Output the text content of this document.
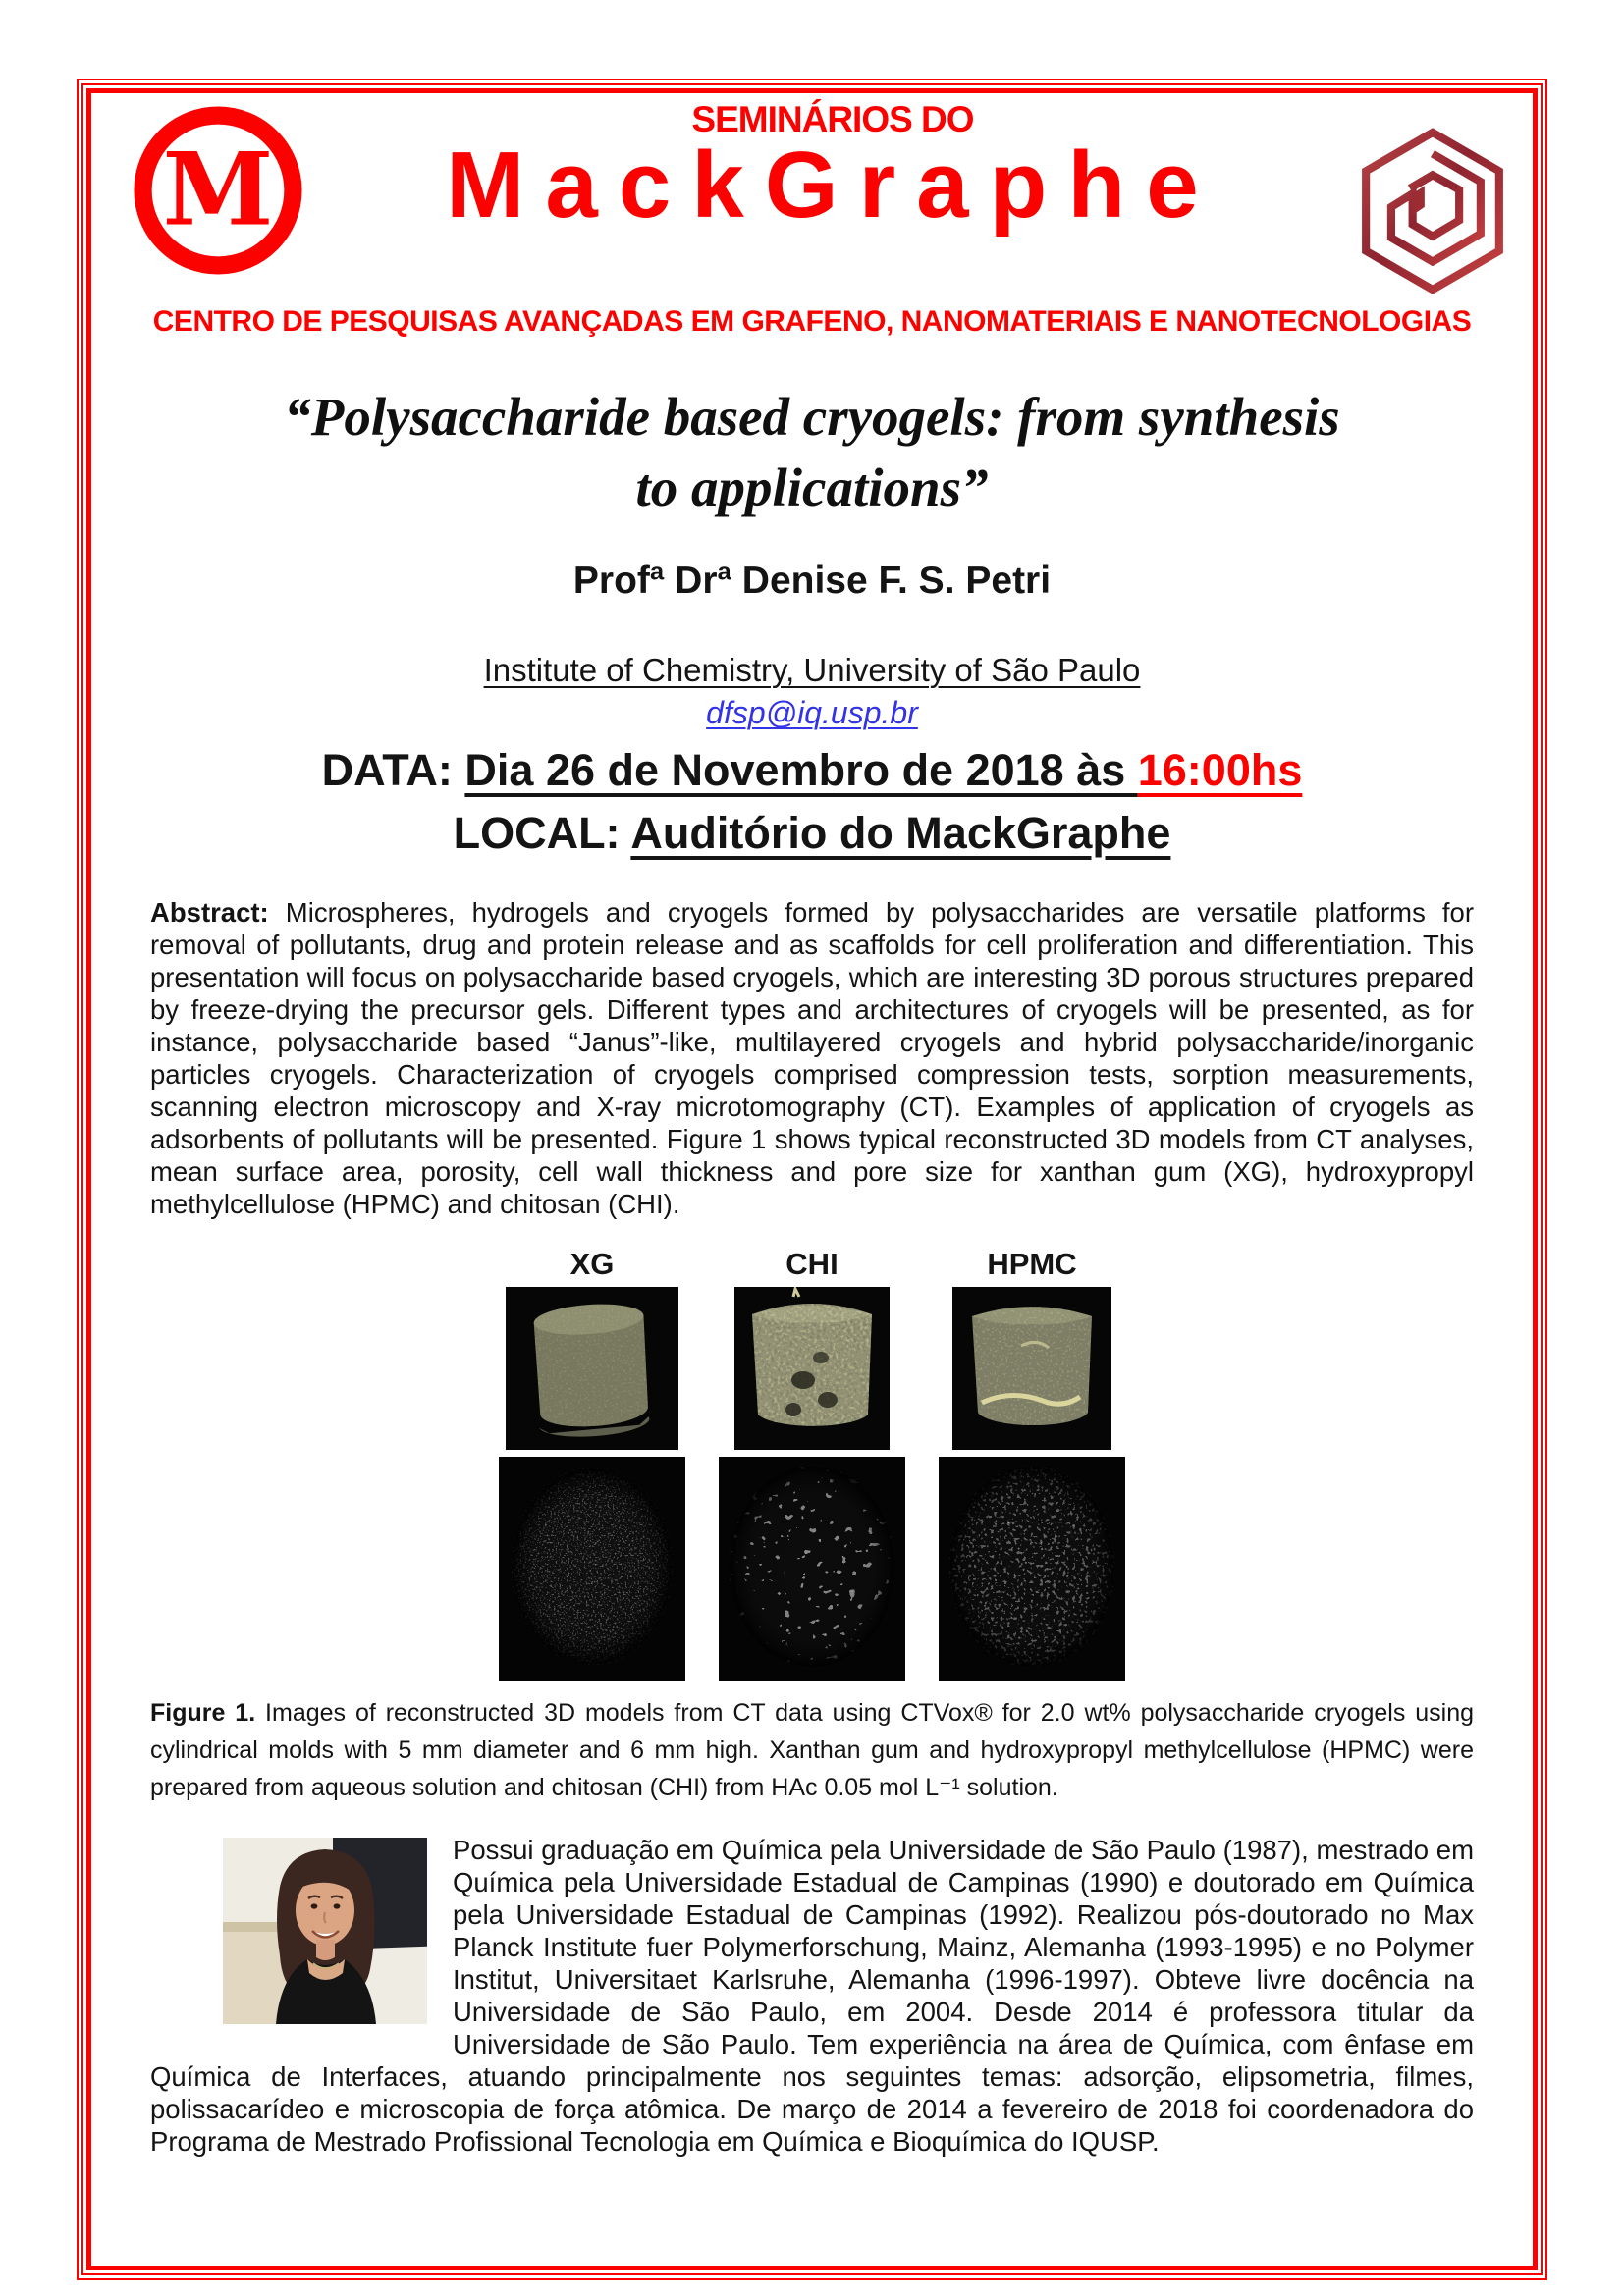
M
SEMINÁRIOS DO
MackGraphe
CENTRO DE PESQUISAS AVANÇADAS EM GRAFENO, NANOMATERIAIS E NANOTECNOLOGIAS
“Polysaccharide based cryogels: from synthesis
to applications”
Profª Drª Denise F. S. Petri
Institute of Chemistry, University of São Paulo
dfsp@iq.usp.br
DATA: Dia 26 de Novembro de 2018 às 16:00hs
LOCAL: Auditório do MackGraphe

Abstract: Microspheres, hydrogels and cryogels formed by polysaccharides are versatile platforms for removal of pollutants, drug and protein release and as scaffolds for cell proliferation and differentiation. This presentation will focus on polysaccharide based cryogels, which are interesting 3D porous structures prepared by freeze-drying the precursor gels. Different types and architectures of cryogels will be presented, as for instance, polysaccharide based “Janus”-like, multilayered cryogels and hybrid polysaccharide/inorganic particles cryogels. Characterization of cryogels comprised compression tests, sorption measurements, scanning electron microscopy and X-ray microtomography (CT). Examples of application of cryogels as adsorbents of pollutants will be presented. Figure 1 shows typical reconstructed 3D models from CT analyses, mean surface area, porosity, cell wall thickness and pore size for xanthan gum (XG), hydroxypropyl methylcellulose (HPMC) and chitosan (CHI).

XG	CHI	HPMC

Figure 1. Images of reconstructed 3D models from CT data using CTVox® for 2.0 wt% polysaccharide cryogels using cylindrical molds with 5 mm diameter and 6 mm high. Xanthan gum and hydroxypropyl methylcellulose (HPMC) were prepared from aqueous solution and chitosan (CHI) from HAc 0.05 mol L⁻¹ solution.

Possui graduação em Química pela Universidade de São Paulo (1987), mestrado em Química pela Universidade Estadual de Campinas (1990) e doutorado em Química pela Universidade Estadual de Campinas (1992). Realizou pós-doutorado no Max Planck Institute fuer Polymerforschung, Mainz, Alemanha (1993-1995) e no Polymer Institut, Universitaet Karlsruhe, Alemanha (1996-1997). Obteve livre docência na Universidade de São Paulo, em 2004. Desde 2014 é professora titular da Universidade de São Paulo. Tem experiência na área de Química, com ênfase em Química de Interfaces, atuando principalmente nos seguintes temas: adsorção, elipsometria, filmes, polissacarídeo e microscopia de força atômica. De março de 2014 a fevereiro de 2018 foi coordenadora do Programa de Mestrado Profissional Tecnologia em Química e Bioquímica do IQUSP.
